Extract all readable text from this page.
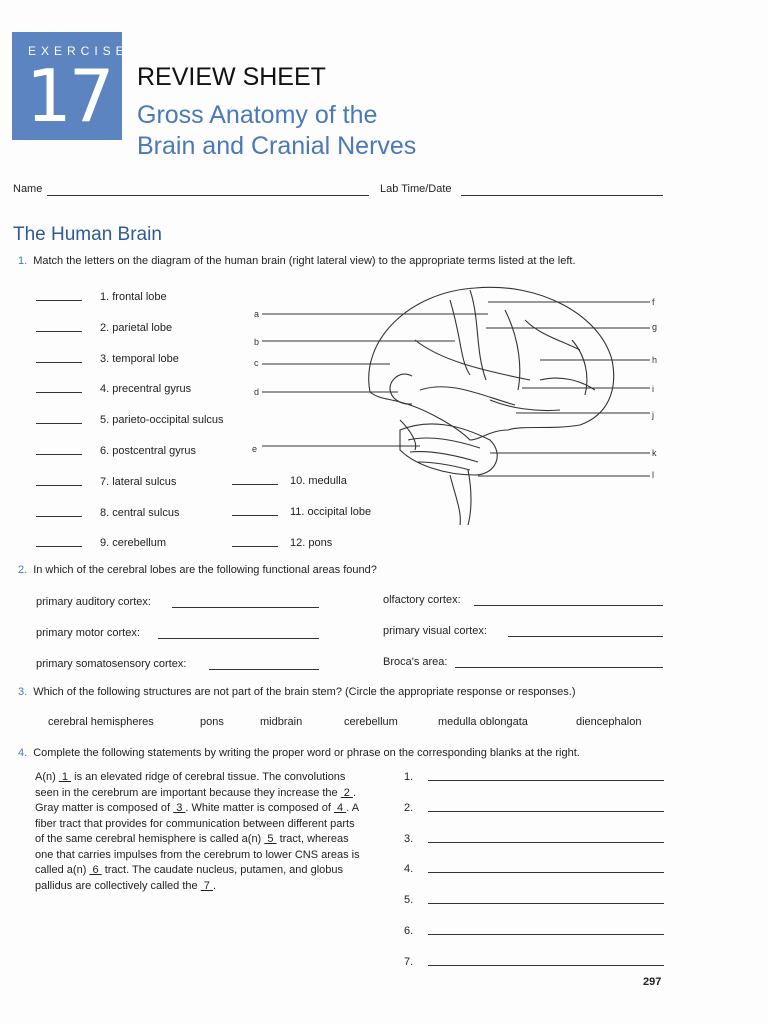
EXERCISE
17 REVIEW SHEET
Gross Anatomy of the
Brain and Cranial Nerves
Name	Lab Time/Date
The Human Brain
1. Match the letters on the diagram of the human brain (right lateral view) to the appropriate terms listed at the left.
2. In which of the cerebral lobes are the following functional areas found?
3. Which of the following structures are not part of the brain stem? (Circle the appropriate response or responses.)
4. Complete the following statements by writing the proper word or phrase on the corresponding blanks at the right.
A(n)  1  is an elevated ridge of cerebral tissue. The convolutions seen in the cerebrum are important because they increase the  2 . Gray matter is composed of  3 . White matter is composed of  4 . A fiber tract that provides for communication between different parts of the same cerebral hemisphere is called a(n)  5  tract, whereas one that carries impulses from the cerebrum to lower CNS areas is called a(n)  6  tract. The caudate nucleus, putamen, and globus pallidus are collectively called the  7 .
297
1. frontal lobe
2. parietal lobe
3. temporal lobe
4. precentral gyrus
5. parieto-occipital sulcus
6. postcentral gyrus
7. lateral sulcus
8. central sulcus
9. cerebellum
10. medulla
11. occipital lobe
12. pons
a
b
c
d
e
f
g
h
i
j
k
l
primary auditory cortex:
primary motor cortex:
primary somatosensory cortex:
olfactory cortex:
primary visual cortex:
Broca's area:
cerebral hemispheres	pons	midbrain	cerebellum	medulla oblongata	diencephalon
1.
2.
3.
4.
5.
6.
7.
